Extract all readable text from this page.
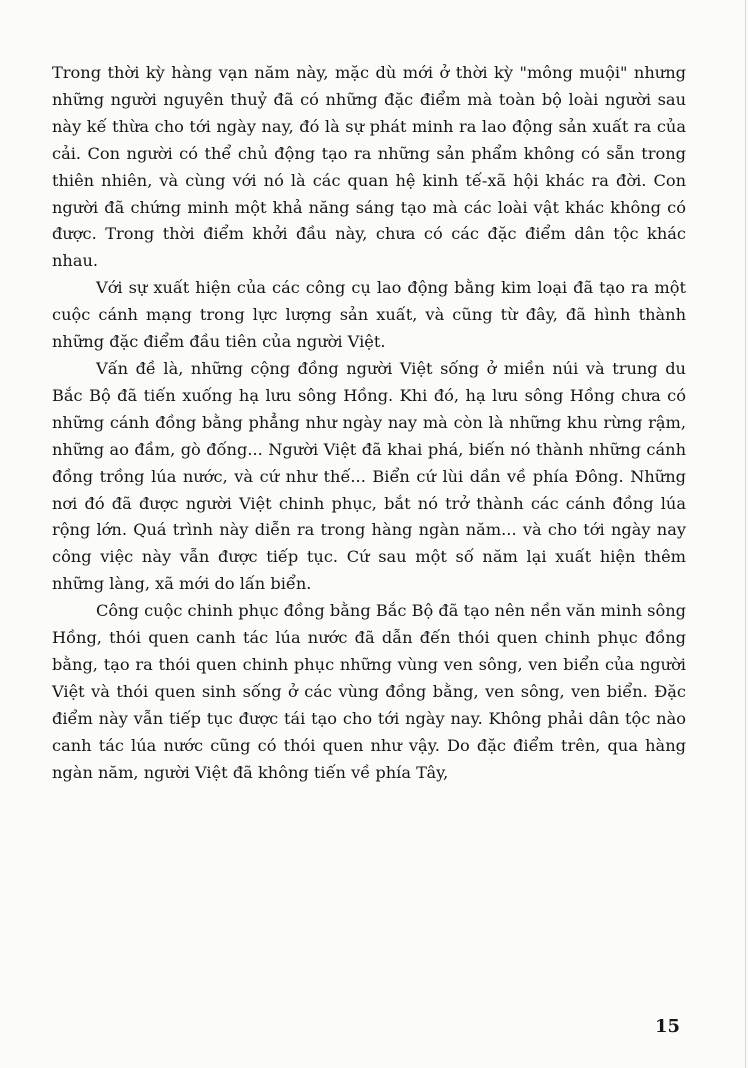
Trong thời kỳ hàng vạn năm này, mặc dù mới ở thời kỳ "mông muội" nhưng những người nguyên thuỷ đã có những đặc điểm mà toàn bộ loài người sau này kế thừa cho tới ngày nay, đó là sự phát minh ra lao động sản xuất ra của cải. Con người có thể chủ động tạo ra những sản phẩm không có sẵn trong thiên nhiên, và cùng với nó là các quan hệ kinh tế-xã hội khác ra đời. Con người đã chứng minh một khả năng sáng tạo mà các loài vật khác không có được. Trong thời điểm khởi đầu này, chưa có các đặc điểm dân tộc khác nhau.

Với sự xuất hiện của các công cụ lao động bằng kim loại đã tạo ra một cuộc cánh mạng trong lực lượng sản xuất, và cũng từ đây, đã hình thành những đặc điểm đầu tiên của người Việt.

Vấn đề là, những cộng đồng người Việt sống ở miền núi và trung du Bắc Bộ đã tiến xuống hạ lưu sông Hồng. Khi đó, hạ lưu sông Hồng chưa có những cánh đồng bằng phẳng như ngày nay mà còn là những khu rừng rậm, những ao đầm, gò đống... Người Việt đã khai phá, biến nó thành những cánh đồng trồng lúa nước, và cứ như thế... Biển cứ lùi dần về phía Đông. Những nơi đó đã được người Việt chinh phục, bắt nó trở thành các cánh đồng lúa rộng lớn. Quá trình này diễn ra trong hàng ngàn năm... và cho tới ngày nay công việc này vẫn được tiếp tục. Cứ sau một số năm lại xuất hiện thêm những làng, xã mới do lấn biển.

Công cuộc chinh phục đồng bằng Bắc Bộ đã tạo nên nền văn minh sông Hồng, thói quen canh tác lúa nước đã dẫn đến thói quen chinh phục đồng bằng, tạo ra thói quen chinh phục những vùng ven sông, ven biển của người Việt và thói quen sinh sống ở các vùng đồng bằng, ven sông, ven biển. Đặc điểm này vẫn tiếp tục được tái tạo cho tới ngày nay. Không phải dân tộc nào canh tác lúa nước cũng có thói quen như vậy. Do đặc điểm trên, qua hàng ngàn năm, người Việt đã không tiến về phía Tây,

15
